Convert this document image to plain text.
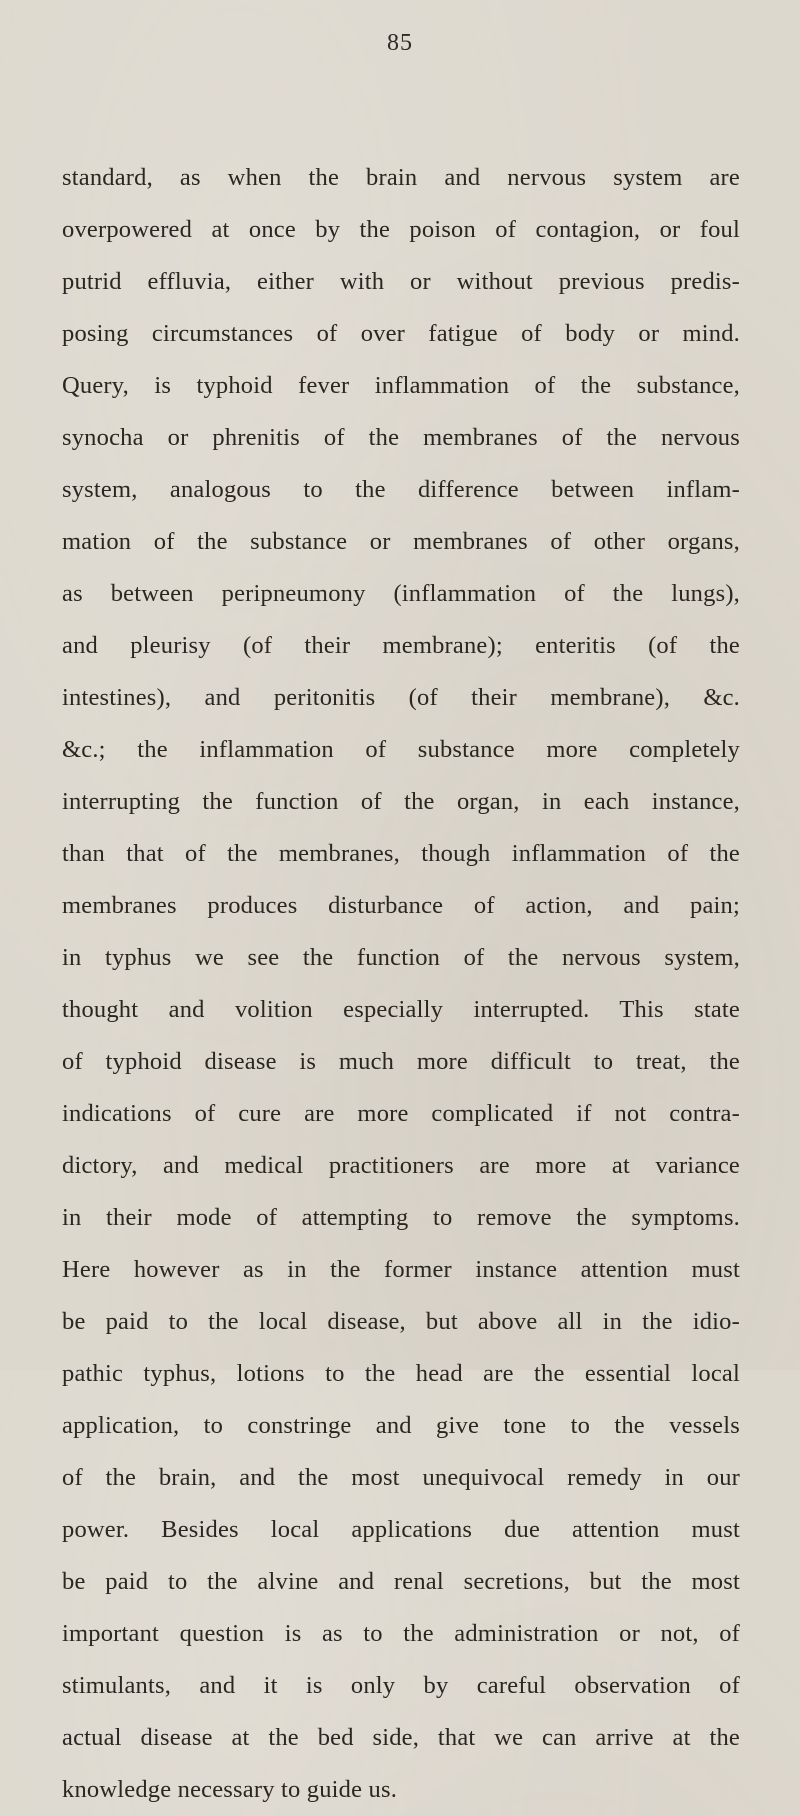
85
standard, as when the brain and nervous system are
overpowered at once by the poison of contagion, or foul
putrid effluvia, either with or without previous predis-
posing circumstances of over fatigue of body or mind.
Query, is typhoid fever inflammation of the substance,
synocha or phrenitis of the membranes of the nervous
system, analogous to the difference between inflam-
mation of the substance or membranes of other organs,
as between peripneumony (inflammation of the lungs),
and pleurisy (of their membrane); enteritis (of the
intestines), and peritonitis (of their membrane), &c.
&c.; the inflammation of substance more completely
interrupting the function of the organ, in each instance,
than that of the membranes, though inflammation of the
membranes produces disturbance of action, and pain;
in typhus we see the function of the nervous system,
thought and volition especially interrupted. This state
of typhoid disease is much more difficult to treat, the
indications of cure are more complicated if not contra-
dictory, and medical practitioners are more at variance
in their mode of attempting to remove the symptoms.
Here however as in the former instance attention must
be paid to the local disease, but above all in the idio-
pathic typhus, lotions to the head are the essential local
application, to constringe and give tone to the vessels
of the brain, and the most unequivocal remedy in our
power. Besides local applications due attention must
be paid to the alvine and renal secretions, but the most
important question is as to the administration or not, of
stimulants, and it is only by careful observation of
actual disease at the bed side, that we can arrive at the
knowledge necessary to guide us.
